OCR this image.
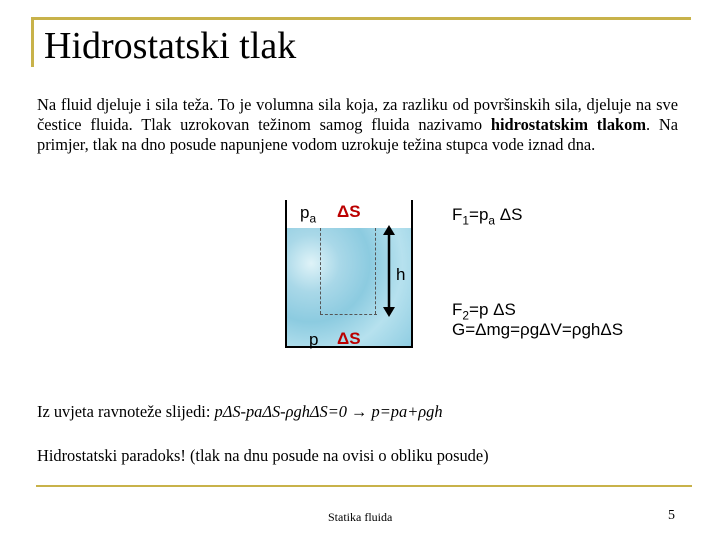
Hidrostatski tlak
Na fluid djeluje i sila teža. To je volumna sila koja, za razliku od površinskih sila, djeluje na sve čestice fluida. Tlak uzrokovan težinom samog fluida nazivamo hidrostatskim tlakom. Na primjer, tlak na dno posude napunjene vodom uzrokuje težina stupca vode iznad dna.
$p_a$ ΔS	$F_1=p_a$ ΔS
h
p ΔS
$F_2=p$ ΔS
G=Δmg=ρgΔV=ρghΔS
Iz uvjeta ravnoteže slijedi: pΔS-paΔS-ρghΔS=0 → p=pa+ρgh
Hidrostatski paradoks! (tlak na dnu posude na ovisi o obliku posude)
Statika fluida	5
